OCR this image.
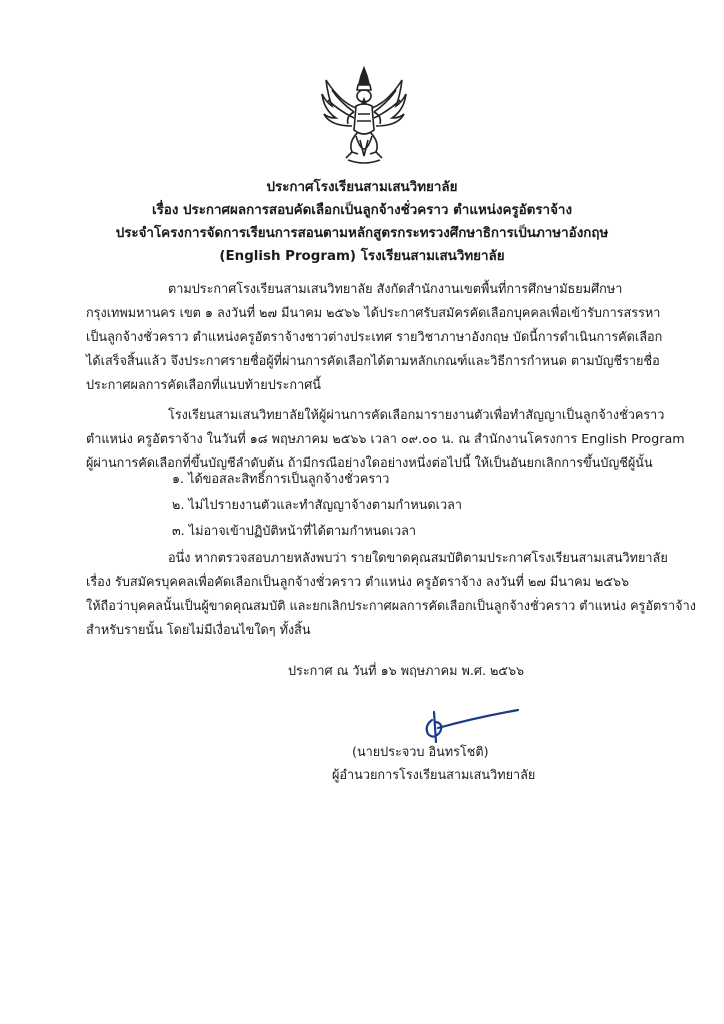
ประกาศโรงเรียนสามเสนวิทยาลัย
เรื่อง ประกาศผลการสอบคัดเลือกเป็นลูกจ้างชั่วคราว ตำแหน่งครูอัตราจ้าง
ประจำโครงการจัดการเรียนการสอนตามหลักสูตรกระทรวงศึกษาธิการเป็นภาษาอังกฤษ
(English Program) โรงเรียนสามเสนวิทยาลัย
ตามประกาศโรงเรียนสามเสนวิทยาลัย สังกัดสำนักงานเขตพื้นที่การศึกษามัธยมศึกษา
กรุงเทพมหานคร เขต ๑ ลงวันที่ ๒๗ มีนาคม ๒๕๖๖ ได้ประกาศรับสมัครคัดเลือกบุคคลเพื่อเข้ารับการสรรหา
เป็นลูกจ้างชั่วคราว ตำแหน่งครูอัตราจ้างชาวต่างประเทศ รายวิชาภาษาอังกฤษ บัดนี้การดำเนินการคัดเลือก
ได้เสร็จสิ้นแล้ว จึงประกาศรายชื่อผู้ที่ผ่านการคัดเลือกได้ตามหลักเกณฑ์และวิธีการกำหนด ตามบัญชีรายชื่อ
ประกาศผลการคัดเลือกที่แนบท้ายประกาศนี้
โรงเรียนสามเสนวิทยาลัยให้ผู้ผ่านการคัดเลือกมารายงานตัวเพื่อทำสัญญาเป็นลูกจ้างชั่วคราว
ตำแหน่ง ครูอัตราจ้าง ในวันที่ ๑๘ พฤษภาคม ๒๕๖๖ เวลา ๐๙.๐๐ น. ณ สำนักงานโครงการ English Program
ผู้ผ่านการคัดเลือกที่ขึ้นบัญชีลำดับต้น ถ้ามีกรณีอย่างใดอย่างหนึ่งต่อไปนี้ ให้เป็นอันยกเลิกการขึ้นบัญชีผู้นั้น
๑. ได้ขอสละสิทธิ์การเป็นลูกจ้างชั่วคราว
๒. ไม่ไปรายงานตัวและทำสัญญาจ้างตามกำหนดเวลา
๓. ไม่อาจเข้าปฏิบัติหน้าที่ได้ตามกำหนดเวลา
อนึ่ง หากตรวจสอบภายหลังพบว่า รายใดขาดคุณสมบัติตามประกาศโรงเรียนสามเสนวิทยาลัย
เรื่อง รับสมัครบุคคลเพื่อคัดเลือกเป็นลูกจ้างชั่วคราว ตำแหน่ง ครูอัตราจ้าง ลงวันที่ ๒๗ มีนาคม ๒๕๖๖
ให้ถือว่าบุคคลนั้นเป็นผู้ขาดคุณสมบัติ และยกเลิกประกาศผลการคัดเลือกเป็นลูกจ้างชั่วคราว ตำแหน่ง ครูอัตราจ้าง
สำหรับรายนั้น โดยไม่มีเงื่อนไขใดๆ ทั้งสิ้น
ประกาศ ณ วันที่ ๑๖ พฤษภาคม พ.ศ. ๒๕๖๖
(นายประจวบ อินทรโชติ)
ผู้อำนวยการโรงเรียนสามเสนวิทยาลัย
